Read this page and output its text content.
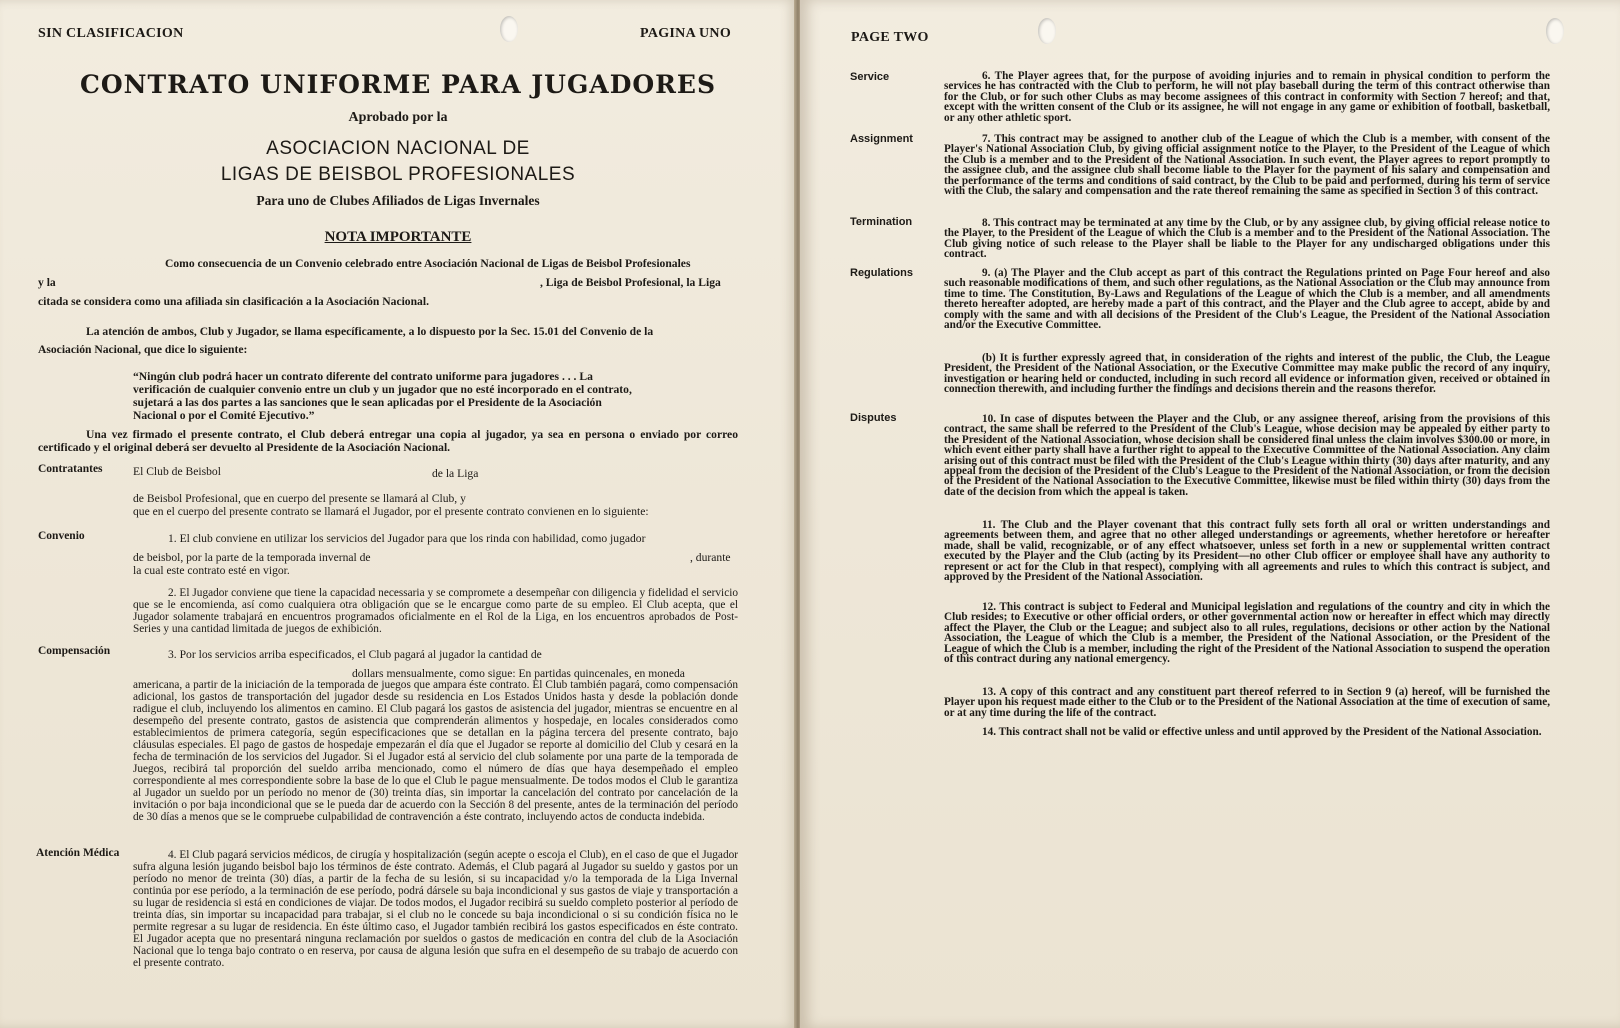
SIN CLASIFICACION	PAGINA UNO
CONTRATO UNIFORME PARA JUGADORES
Aprobado por la
ASOCIACION NACIONAL DE
LIGAS DE BEISBOL PROFESIONALES
Para uno de Clubes Afiliados de Ligas Invernales
NOTA IMPORTANTE
Como consecuencia de un Convenio celebrado entre Asociación Nacional de Ligas de Beisbol Profesionales
y la	, Liga de Beisbol Profesional, la Liga
citada se considera como una afiliada sin clasificación a la Asociación Nacional.
La atención de ambos, Club y Jugador, se llama específicamente, a lo dispuesto por la Sec. 15.01 del Convenio de la
Asociación Nacional, que dice lo siguiente:
“Ningún club podrá hacer un contrato diferente del contrato uniforme para jugadores . . . La verificación de cualquier convenio entre un club y un jugador que no esté incorporado en el contrato, sujetará a las dos partes a las sanciones que le sean aplicadas por el Presidente de la Asociación Nacional o por el Comité Ejecutivo.”
Una vez firmado el presente contrato, el Club deberá entregar una copia al jugador, ya sea en persona o enviado por correo certificado y el original deberá ser devuelto al Presidente de la Asociación Nacional.
Contratantes	El Club de Beisbol	de la Liga
de Beisbol Profesional, que en cuerpo del presente se llamará al Club, y
que en el cuerpo del presente contrato se llamará el Jugador, por el presente contrato convienen en lo siguiente:
Convenio	1. El club conviene en utilizar los servicios del Jugador para que los rinda con habilidad, como jugador
de beisbol, por la parte de la temporada invernal de	, durante
la cual este contrato esté en vigor.
2. El Jugador conviene que tiene la capacidad necessaria y se compromete a desempeñar con diligencia y fidelidad el servicio que se le encomienda, así como cualquiera otra obligación que se le encargue como parte de su empleo. El Club acepta, que el Jugador solamente trabajará en encuentros programados oficialmente en el Rol de la Liga, en los encuentros aprobados de Post-Series y una cantidad limitada de juegos de exhibición.
Compensación	3. Por los servicios arriba especificados, el Club pagará al jugador la cantidad de
dollars mensualmente, como sigue: En partidas quincenales, en moneda
americana, a partir de la iniciación de la temporada de juegos que ampara éste contrato. El Club también pagará, como compensación adicional, los gastos de transportación del jugador desde su residencia en Los Estados Unidos hasta y desde la población donde radigue el club, incluyendo los alimentos en camino. El Club pagará los gastos de asistencia del jugador, mientras se encuentre en al desempeño del presente contrato, gastos de asistencia que comprenderán alimentos y hospedaje, en locales considerados como establecimientos de primera categoría, según especificaciones que se detallan en la página tercera del presente contrato, bajo cláusulas especiales. El pago de gastos de hospedaje empezarán el día que el Jugador se reporte al domicilio del Club y cesará en la fecha de terminación de los servicios del Jugador. Si el Jugador está al servicio del club solamente por una parte de la temporada de Juegos, recibirá tal proporción del sueldo arriba mencionado, como el número de días que haya desempeñado el empleo correspondiente al mes correspondiente sobre la base de lo que el Club le pague mensualmente. De todos modos el Club le garantiza al Jugador un sueldo por un período no menor de (30) treinta días, sin importar la cancelación del contrato por cancelación de la invitación o por baja incondicional que se le pueda dar de acuerdo con la Sección 8 del presente, antes de la terminación del período de 30 días a menos que se le compruebe culpabilidad de contravención a éste contrato, incluyendo actos de conducta indebida.
Atención Médica	4. El Club pagará servicios médicos, de cirugía y hospitalización (según acepte o escoja el Club), en el caso de que el Jugador sufra alguna lesión jugando beisbol bajo los términos de éste contrato. Además, el Club pagará al Jugador su sueldo y gastos por un período no menor de treinta (30) días, a partir de la fecha de su lesión, si su incapacidad y/o la temporada de la Liga Invernal continúa por ese período, a la terminación de ese período, podrá dársele su baja incondicional y sus gastos de viaje y transportación a su lugar de residencia si está en condiciones de viajar. De todos modos, el Jugador recibirá su sueldo completo posterior al período de treinta días, sin importar su incapacidad para trabajar, si el club no le concede su baja incondicional o si su condición física no le permite regresar a su lugar de residencia. En éste último caso, el Jugador también recibirá los gastos especificados en éste contrato. El Jugador acepta que no presentará ninguna reclamación por sueldos o gastos de medicación en contra del club de la Asociación Nacional que lo tenga bajo contrato o en reserva, por causa de alguna lesión que sufra en el desempeño de su trabajo de acuerdo con el presente contrato.
PAGE TWO
Service	6. The Player agrees that, for the purpose of avoiding injuries and to remain in physical condition to perform the services he has contracted with the Club to perform, he will not play baseball during the term of this contract otherwise than for the Club, or for such other Clubs as may become assignees of this contract in conformity with Section 7 hereof; and that, except with the written consent of the Club or its assignee, he will not engage in any game or exhibition of football, basketball, or any other athletic sport.
Assignment	7. This contract may be assigned to another club of the League of which the Club is a member, with consent of the Player's National Association Club, by giving official assignment notice to the Player, to the President of the League of which the Club is a member and to the President of the National Association. In such event, the Player agrees to report promptly to the assignee club, and the assignee club shall become liable to the Player for the payment of his salary and compensation and the performance of the terms and conditions of said contract, by the Club to be paid and performed, during his term of service with the Club, the salary and compensation and the rate thereof remaining the same as specified in Section 3 of this contract.
Termination	8. This contract may be terminated at any time by the Club, or by any assignee club, by giving official release notice to the Player, to the President of the League of which the Club is a member and to the President of the National Association. The Club giving notice of such release to the Player shall be liable to the Player for any undischarged obligations under this contract.
Regulations	9. (a) The Player and the Club accept as part of this contract the Regulations printed on Page Four hereof and also such reasonable modifications of them, and such other regulations, as the National Association or the Club may announce from time to time. The Constitution, By-Laws and Regulations of the League of which the Club is a member, and all amendments thereto hereafter adopted, are hereby made a part of this contract, and the Player and the Club agree to accept, abide by and comply with the same and with all decisions of the President of the Club's League, the President of the National Association and/or the Executive Committee.
(b) It is further expressly agreed that, in consideration of the rights and interest of the public, the Club, the League President, the President of the National Association, or the Executive Committee may make public the record of any inquiry, investigation or hearing held or conducted, including in such record all evidence or information given, received or obtained in connection therewith, and including further the findings and decisions therein and the reasons therefor.
Disputes	10. In case of disputes between the Player and the Club, or any assignee thereof, arising from the provisions of this contract, the same shall be referred to the President of the Club's League, whose decision may be appealed by either party to the President of the National Association, whose decision shall be considered final unless the claim involves $300.00 or more, in which event either party shall have a further right to appeal to the Executive Committee of the National Association. Any claim arising out of this contract must be filed with the President of the Club's League within thirty (30) days after maturity, and any appeal from the decision of the President of the Club's League to the President of the National Association, or from the decision of the President of the National Association to the Executive Committee, likewise must be filed within thirty (30) days from the date of the decision from which the appeal is taken.
11. The Club and the Player covenant that this contract fully sets forth all oral or written understandings and agreements between them, and agree that no other alleged understandings or agreements, whether heretofore or hereafter made, shall be valid, recognizable, or of any effect whatsoever, unless set forth in a new or supplemental written contract executed by the Player and the Club (acting by its President—no other Club officer or employee shall have any authority to represent or act for the Club in that respect), complying with all agreements and rules to which this contract is subject, and approved by the President of the National Association.
12. This contract is subject to Federal and Municipal legislation and regulations of the country and city in which the Club resides; to Executive or other official orders, or other governmental action now or hereafter in effect which may directly affect the Player, the Club or the League; and subject also to all rules, regulations, decisions or other action by the National Association, the League of which the Club is a member, the President of the National Association, or the President of the League of which the Club is a member, including the right of the President of the National Association to suspend the operation of this contract during any national emergency.
13. A copy of this contract and any constituent part thereof referred to in Section 9 (a) hereof, will be furnished the Player upon his request made either to the Club or to the President of the National Association at the time of execution of same, or at any time during the life of the contract.
14. This contract shall not be valid or effective unless and until approved by the President of the National Association.
